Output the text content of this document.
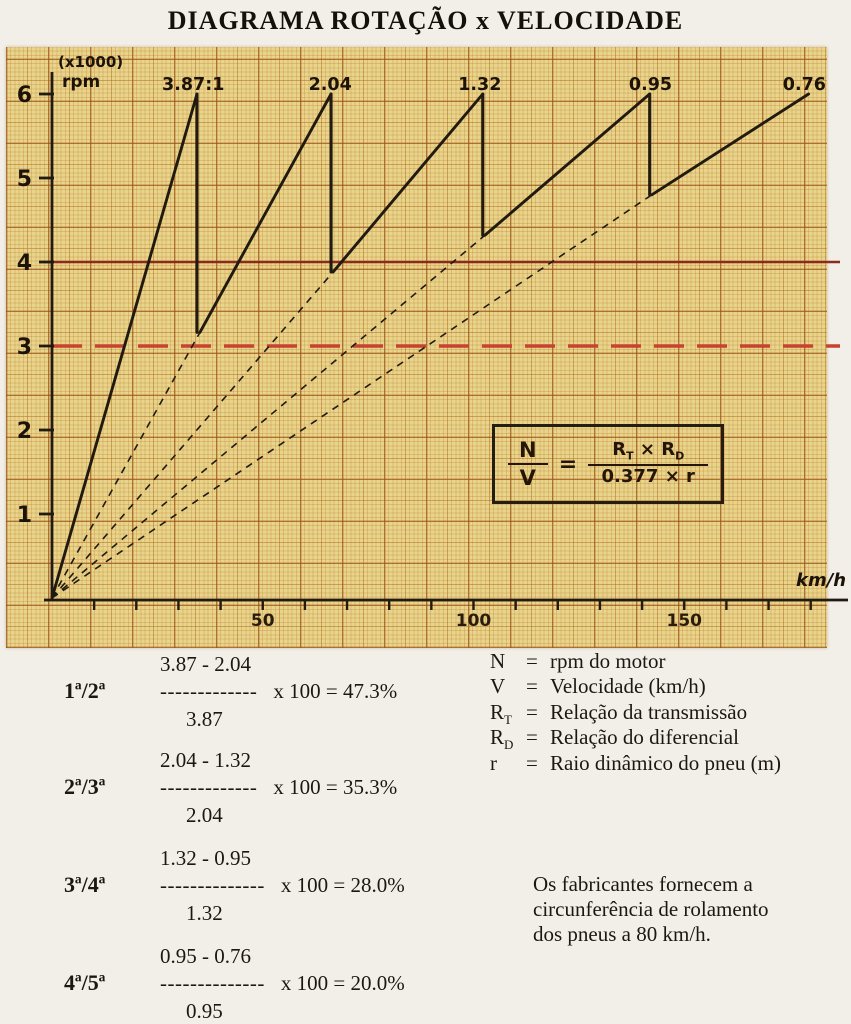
DIAGRAMA ROTAÇÃO x VELOCIDADE
3.87:1	2.04	1.32	0.95	0.76
1
2
3
4
5
6
50	100	150
(x1000)
rpm
km/h
$\frac{N}{V} = \frac{R_T \times R_D}{0.377 \times r}$
N = rpm do motor
V = Velocidade (km/h)
$R_T$ = Relação da transmissão
$R_D$ = Relação do diferencial
r	= Raio dinâmico do pneu (m)
3.87 - 2.04
1ª/2ª	------------- x 100 = 47.3%
3.87
2.04 - 1.32
2ª/3ª	------------- x 100 = 35.3%
2.04
1.32 - 0.95
3ª/4ª	-------------- x 100 = 28.0%
1.32
0.95 - 0.76
4ª/5ª	-------------- x 100 = 20.0%
0.95
Os fabricantes fornecem a
circunferência de rolamento
dos pneus a 80 km/h.
